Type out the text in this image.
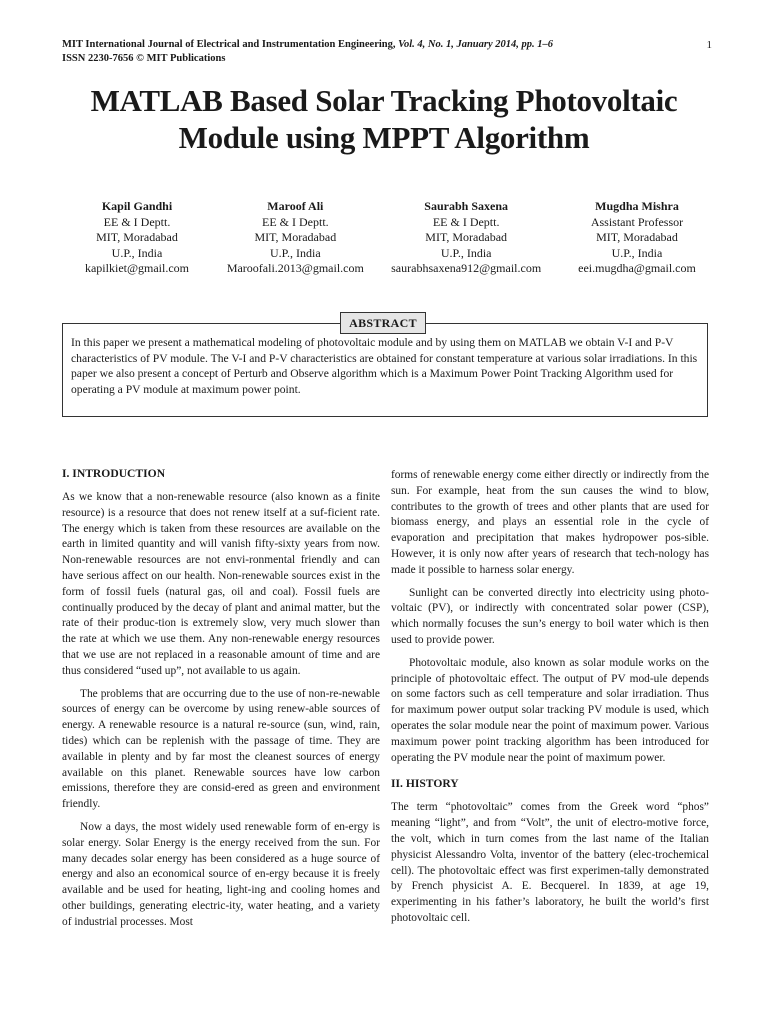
MIT International Journal of Electrical and Instrumentation Engineering, Vol. 4, No. 1, January 2014, pp. 1–6
ISSN 2230-7656 © MIT Publications
1
MATLAB Based Solar Tracking Photovoltaic
Module using MPPT Algorithm
Kapil Gandhi
EE & I Deptt.
MIT, Moradabad
U.P., India
kapilkiet@gmail.com
Maroof Ali
EE & I Deptt.
MIT, Moradabad
U.P., India
Maroofali.2013@gmail.com
Saurabh Saxena
EE & I Deptt.
MIT, Moradabad
U.P., India
saurabhsaxena912@gmail.com
Mugdha Mishra
Assistant Professor
MIT, Moradabad
U.P., India
eei.mugdha@gmail.com
ABSTRACT
In this paper we present a mathematical modeling of photovoltaic module and by using them on MATLAB we obtain V-I and P-V characteristics of PV module. The V-I and P-V characteristics are obtained for constant temperature at various solar irradiations. In this paper we also present a concept of Perturb and Observe algorithm which is a Maximum Power Point Tracking Algorithm used for operating a PV module at maximum power point.
I. INTRODUCTION

As we know that a non-renewable resource (also known as a finite resource) is a resource that does not renew itself at a suf-ficient rate. The energy which is taken from these resources are available on the earth in limited quantity and will vanish fifty-sixty years from now. Non-renewable resources are not envi-ronmental friendly and can have serious affect on our health. Non-renewable sources exist in the form of fossil fuels (natural gas, oil and coal). Fossil fuels are continually produced by the decay of plant and animal matter, but the rate of their produc-tion is extremely slow, very much slower than the rate at which we use them. Any non-renewable energy resources that we use are not replaced in a reasonable amount of time and are thus considered “used up”, not available to us again.

The problems that are occurring due to the use of non-re-newable sources of energy can be overcome by using renew-able sources of energy. A renewable resource is a natural re-source (sun, wind, rain, tides) which can be replenish with the passage of time. They are available in plenty and by far most the cleanest sources of energy available on this planet. Renewable sources have low carbon emissions, therefore they are consid-ered as green and environment friendly.

Now a days, the most widely used renewable form of en-ergy is solar energy. Solar Energy is the energy received from the sun. For many decades solar energy has been considered as a huge source of energy and also an economical source of en-ergy because it is freely available and be used for heating, light-ing and cooling homes and other buildings, generating electric-ity, water heating, and a variety of industrial processes. Most

forms of renewable energy come either directly or indirectly from the sun. For example, heat from the sun causes the wind to blow, contributes to the growth of trees and other plants that are used for biomass energy, and plays an essential role in the cycle of evaporation and precipitation that makes hydropower pos-sible. However, it is only now after years of research that tech-nology has made it possible to harness solar energy.

Sunlight can be converted directly into electricity using photo-voltaic (PV), or indirectly with concentrated solar power (CSP), which normally focuses the sun’s energy to boil water which is then used to provide power.

Photovoltaic module, also known as solar module works on the principle of photovoltaic effect. The output of PV mod-ule depends on some factors such as cell temperature and solar irradiation. Thus for maximum power output solar tracking PV module is used, which operates the solar module near the point of maximum power. Various maximum power point tracking algorithm has been introduced for operating the PV module near the point of maximum power.

II. HISTORY

The term “photovoltaic” comes from the Greek word “phos” meaning “light”, and from “Volt”, the unit of electro-motive force, the volt, which in turn comes from the last name of the Italian physicist Alessandro Volta, inventor of the battery (elec-trochemical cell). The photovoltaic effect was first experimen-tally demonstrated by French physicist A. E. Becquerel. In 1839, at age 19, experimenting in his father’s laboratory, he built the world’s first photovoltaic cell.
